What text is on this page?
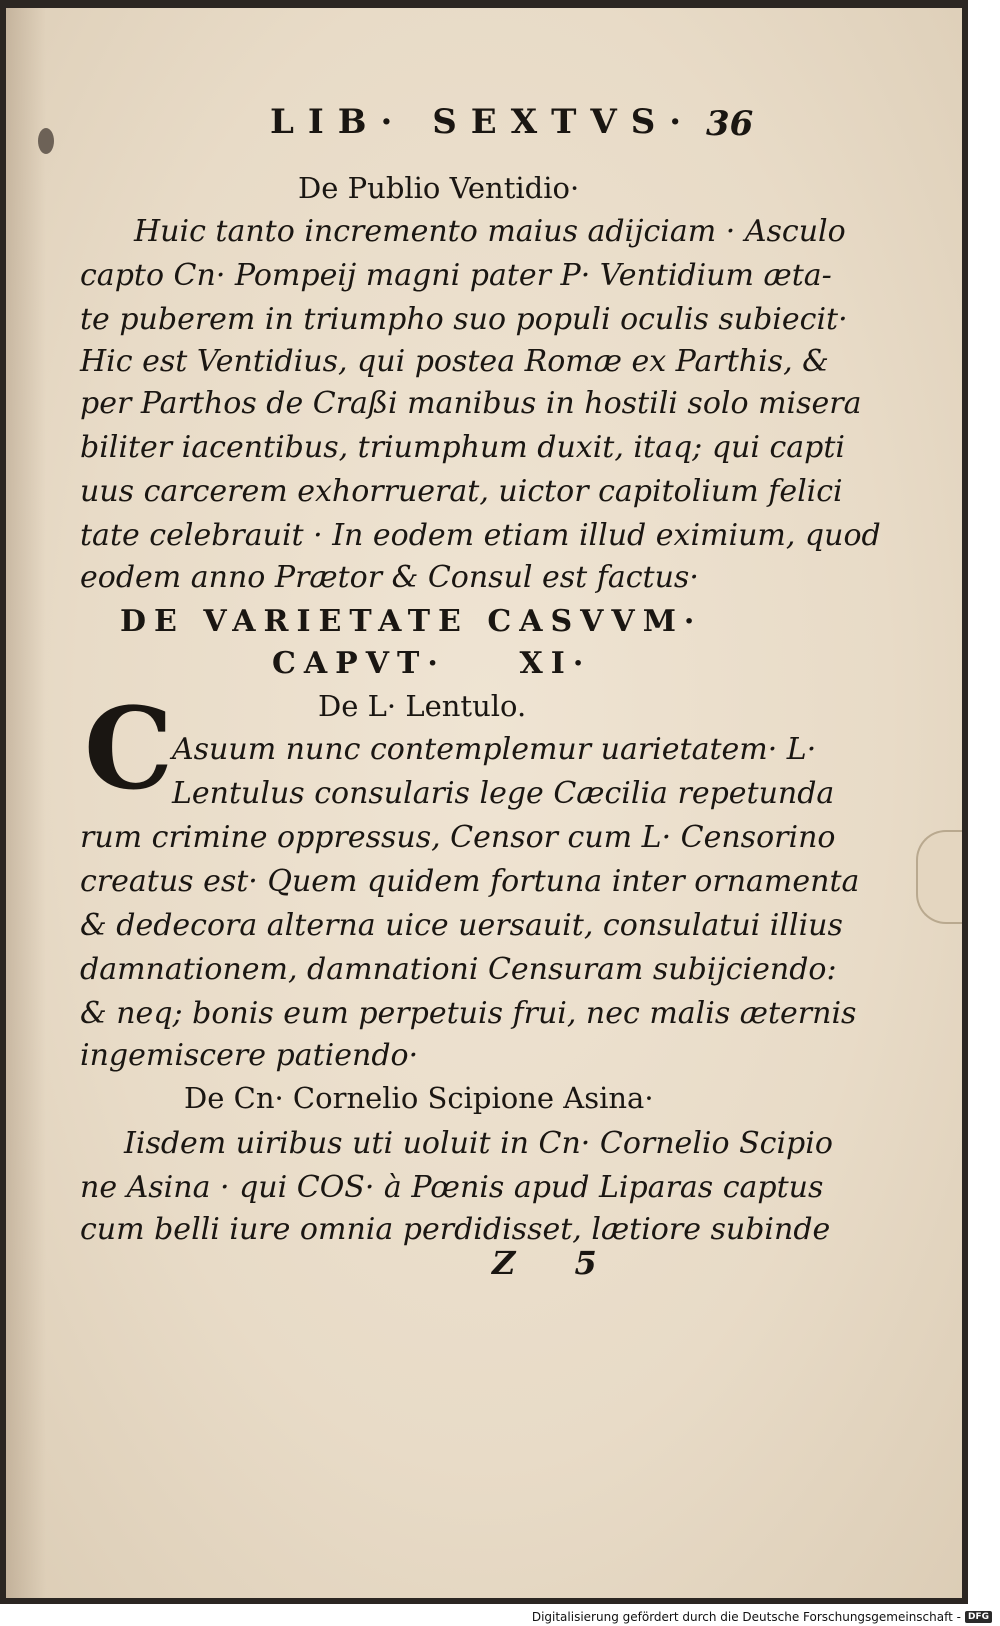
LIB· SEXTVS· 36
De Publio Ventidio·
Huic tanto incremento maius adijciam · Asculo
capto Cn· Pompeij magni pater P· Ventidium æta-
te puberem in triumpho suo populi oculis subiecit·
Hic est Ventidius, qui postea Romæ ex Parthis, &
per Parthos de Craßi manibus in hostili solo misera
biliter iacentibus, triumphum duxit, itaq; qui capti
uus carcerem exhorruerat, uictor capitolium felici
tate celebrauit · In eodem etiam illud eximium, quod
eodem anno Prætor & Consul est factus·
DE VARIETATE CASVVM·
CAPVT·    XI·
De L· Lentulo.
C
Asuum nunc contemplemur uarietatem· L·
Lentulus consularis lege Cæcilia repetunda
rum crimine oppressus, Censor cum L· Censorino
creatus est· Quem quidem fortuna inter ornamenta
& dedecora alterna uice uersauit, consulatui illius
damnationem, damnationi Censuram subijciendo:
& neq; bonis eum perpetuis frui, nec malis æternis
ingemiscere patiendo·
De Cn· Cornelio Scipione Asina·
Iisdem uiribus uti uoluit in Cn· Cornelio Scipio
ne Asina · qui COS· à Pœnis apud Liparas captus
cum belli iure omnia perdidisset, lætiore subinde
Z 5
Digitalisierung gefördert durch die Deutsche Forschungsgemeinschaft - DFG
